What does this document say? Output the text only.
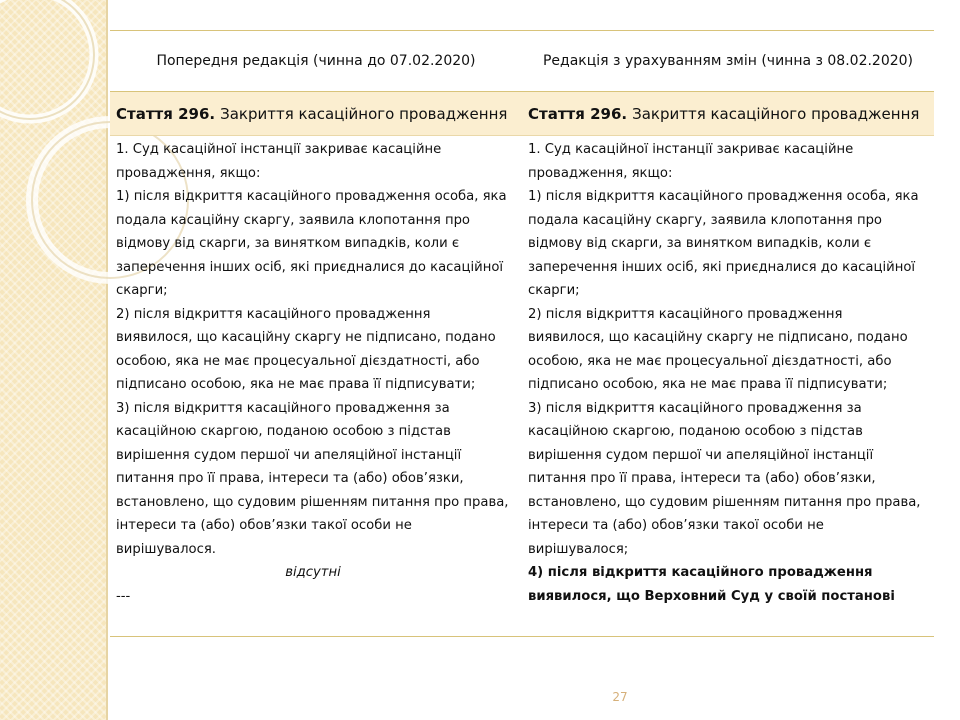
Попередня редакція (чинна до 07.02.2020)	Редакція з урахуванням змін (чинна з 08.02.2020)
Стаття 296. Закриття касаційного провадження Стаття 296. Закриття касаційного провадження

1. Суд касаційної інстанції закриває касаційне провадження, якщо:

1) після відкриття касаційного провадження особа, яка подала касаційну скаргу, заявила клопотання про відмову від скарги, за винятком випадків, коли є заперечення інших осіб, які приєдналися до касаційної скарги;

2) після відкриття касаційного провадження виявилося, що касаційну скаргу не підписано, подано особою, яка не має процесуальної дієздатності, або підписано особою, яка не має права її підписувати;

3) після відкриття касаційного провадження за касаційною скаргою, поданою особою з підстав вирішення судом першої чи апеляційної інстанції питання про її права, інтереси та (або) обов’язки, встановлено, що судовим рішенням питання про права, інтереси та (або) обов’язки такої особи не вирішувалося.

відсутні

---

1. Суд касаційної інстанції закриває касаційне провадження, якщо:

1) після відкриття касаційного провадження особа, яка подала касаційну скаргу, заявила клопотання про відмову від скарги, за винятком випадків, коли є заперечення інших осіб, які приєдналися до касаційної скарги;

2) після відкриття касаційного провадження виявилося, що касаційну скаргу не підписано, подано особою, яка не має процесуальної дієздатності, або підписано особою, яка не має права її підписувати;

3) після відкриття касаційного провадження за касаційною скаргою, поданою особою з підстав вирішення судом першої чи апеляційної інстанції питання про її права, інтереси та (або) обов’язки, встановлено, що судовим рішенням питання про права, інтереси та (або) обов’язки такої особи не вирішувалося;

4) після відкриття касаційного провадження виявилося, що Верховний Суд у своїй постанові

27
